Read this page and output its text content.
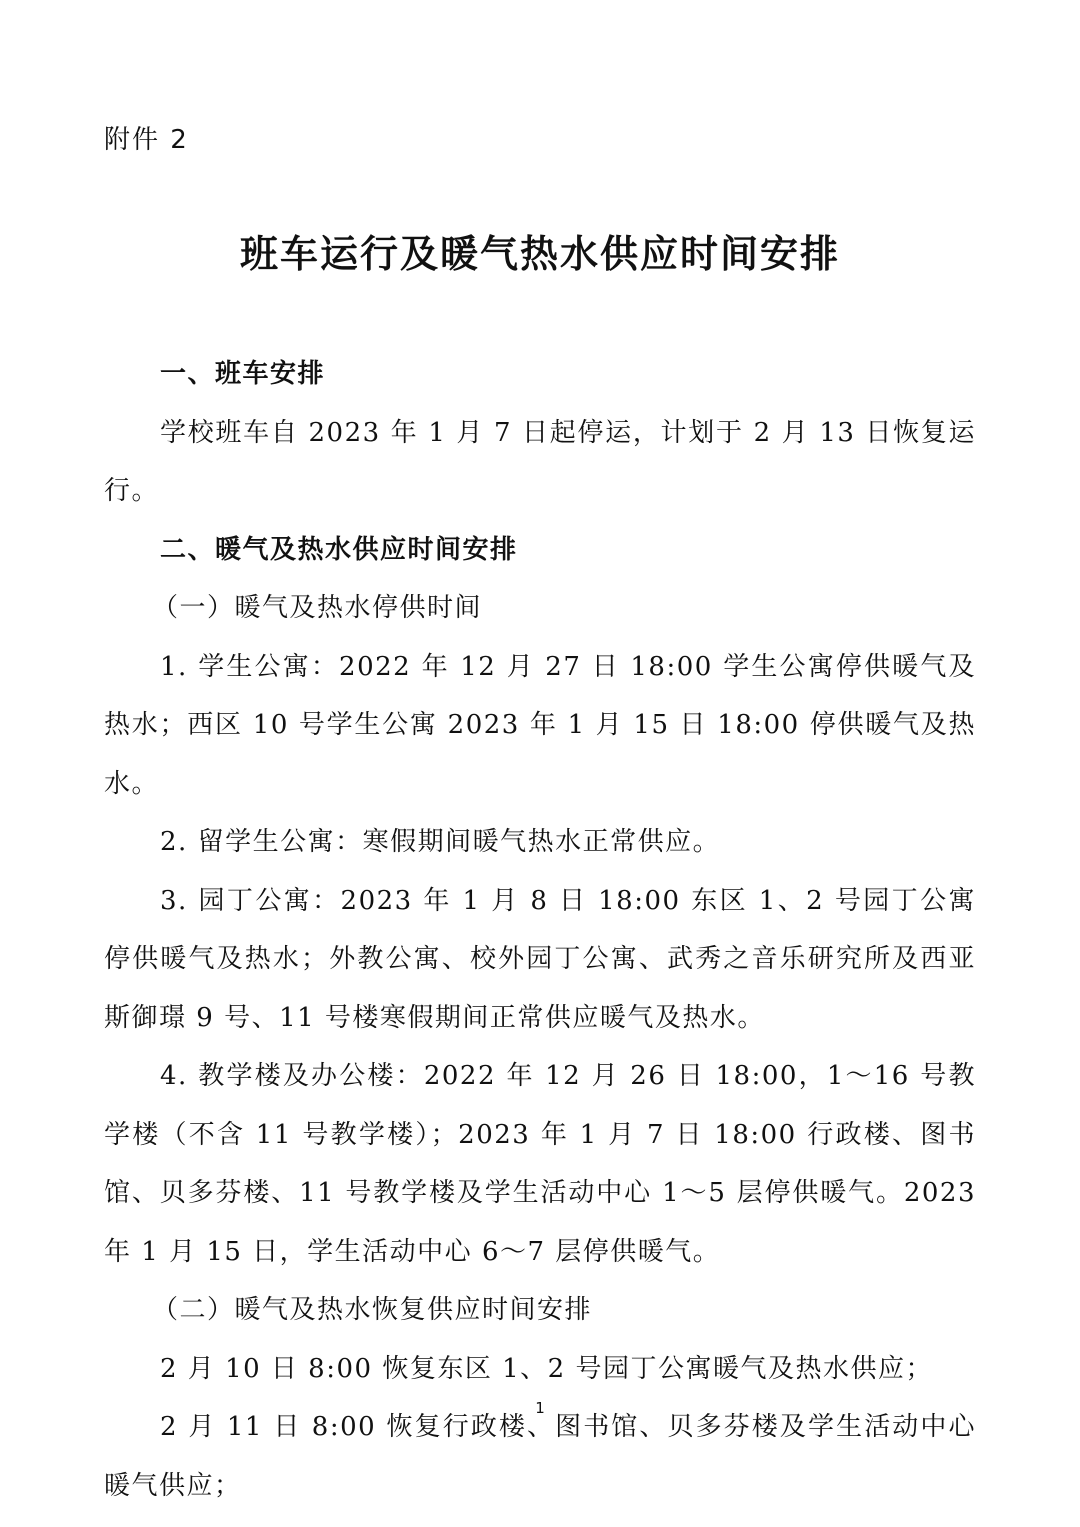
附件 2
班车运行及暖气热水供应时间安排

一、班车安排

学校班车自 2023 年 1 月 7 日起停运，计划于 2 月 13 日恢复运行。

二、暖气及热水供应时间安排

（一）暖气及热水停供时间

1. 学生公寓：2022 年 12 月 27 日 18:00 学生公寓停供暖气及热水；西区 10 号学生公寓 2023 年 1 月 15 日 18:00 停供暖气及热水。

2. 留学生公寓：寒假期间暖气热水正常供应。

3. 园丁公寓：2023 年 1 月 8 日 18:00 东区 1、2 号园丁公寓停供暖气及热水；外教公寓、校外园丁公寓、武秀之音乐研究所及西亚斯御璟 9 号、11 号楼寒假期间正常供应暖气及热水。

4. 教学楼及办公楼：2022 年 12 月 26 日 18:00，1～16 号教学楼（不含 11 号教学楼）；2023 年 1 月 7 日 18:00 行政楼、图书馆、贝多芬楼、11 号教学楼及学生活动中心 1～5 层停供暖气。2023 年 1 月 15 日，学生活动中心 6～7 层停供暖气。

（二）暖气及热水恢复供应时间安排

2 月 10 日 8:00 恢复东区 1、2 号园丁公寓暖气及热水供应；

2 月 11 日 8:00 恢复行政楼、图书馆、贝多芬楼及学生活动中心暖气供应；

1
